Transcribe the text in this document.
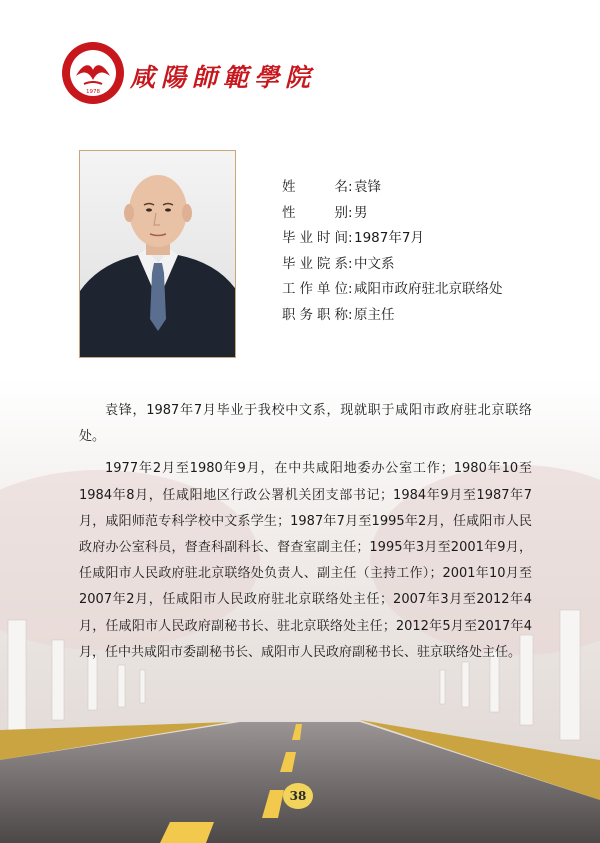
1978 咸陽師範學院
姓名 : 袁锋
性别 : 男
毕业时间 : 1987年7月
毕业院系 : 中文系
工作单位 : 咸阳市政府驻北京联络处
职务职称 : 原主任

袁锋，1987年7月毕业于我校中文系，现就职于咸阳市政府驻北京联络处。

1977年2月至1980年9月，在中共咸阳地委办公室工作；1980年10至1984年8月，任咸阳地区行政公署机关团支部书记；1984年9月至1987年7月，咸阳师范专科学校中文系学生；1987年7月至1995年2月，任咸阳市人民政府办公室科员，督查科副科长、督查室副主任；1995年3月至2001年9月，任咸阳市人民政府驻北京联络处负责人、副主任（主持工作）；2001年10月至2007年2月，任咸阳市人民政府驻北京联络处主任；2007年3月至2012年4月，任咸阳市人民政府副秘书长、驻北京联络处主任；2012年5月至2017年4月，任中共咸阳市委副秘书长、咸阳市人民政府副秘书长、驻京联络处主任。

38
